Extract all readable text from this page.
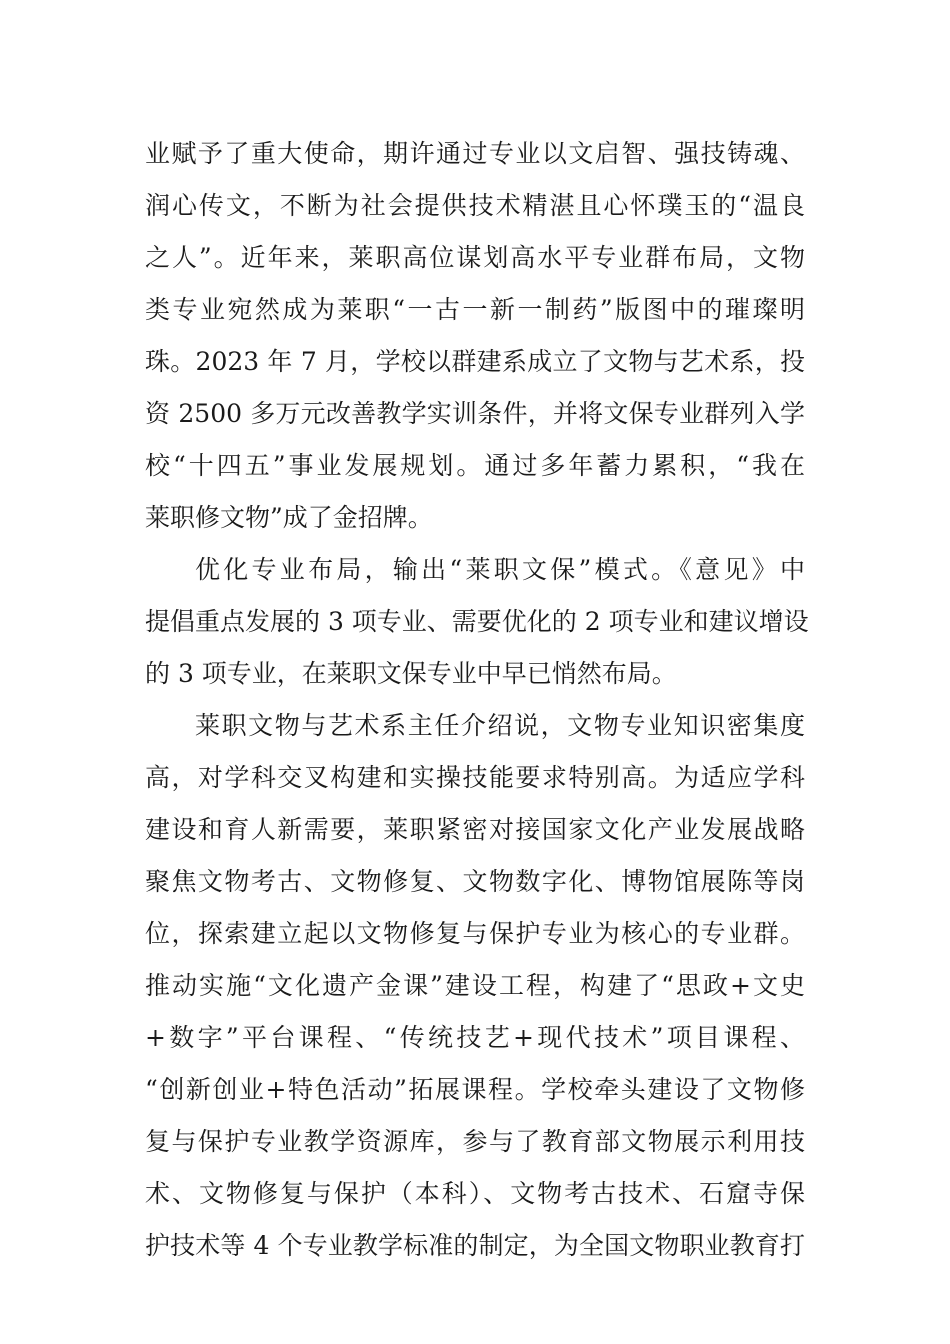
业赋予了重大使命，期许通过专业以文启智、强技铸魂、
润心传文，不断为社会提供技术精湛且心怀璞玉的“温良
之人”。近年来，莱职高位谋划高水平专业群布局，文物
类专业宛然成为莱职“一古一新一制药”版图中的璀璨明
珠。2023 年 7 月，学校以群建系成立了文物与艺术系，投
资 2500 多万元改善教学实训条件，并将文保专业群列入学
校“十四五”事业发展规划。通过多年蓄力累积，“我在
莱职修文物”成了金招牌。
优化专业布局，输出“莱职文保”模式。《意见》中
提倡重点发展的 3 项专业、需要优化的 2 项专业和建议增设
的 3 项专业，在莱职文保专业中早已悄然布局。
莱职文物与艺术系主任介绍说，文物专业知识密集度
高，对学科交叉构建和实操技能要求特别高。为适应学科
建设和育人新需要，莱职紧密对接国家文化产业发展战略
聚焦文物考古、文物修复、文物数字化、博物馆展陈等岗
位，探索建立起以文物修复与保护专业为核心的专业群。
推动实施“文化遗产金课”建设工程，构建了“思政+文史
+数字”平台课程、“传统技艺+现代技术”项目课程、
“创新创业+特色活动”拓展课程。学校牵头建设了文物修
复与保护专业教学资源库，参与了教育部文物展示利用技
术、文物修复与保护（本科）、文物考古技术、石窟寺保
护技术等 4 个专业教学标准的制定，为全国文物职业教育打
